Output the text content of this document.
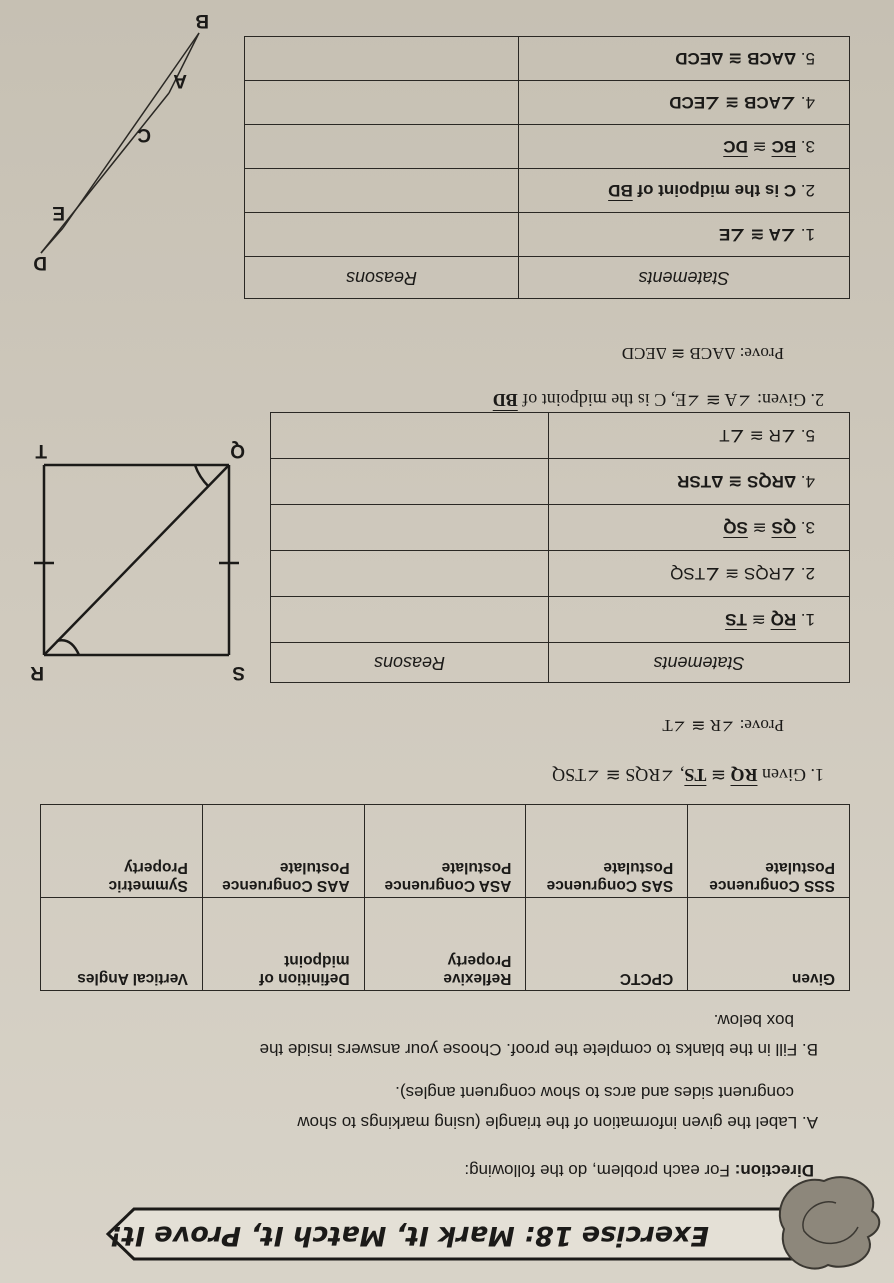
Exercise 18: Mark It, Match It, Prove It!
Direction: For each problem, do the following:
A. Label the given information of the triangle (using markings to show
congruent sides and arcs to show congruent angles).
B. Fill in the blanks to complete the proof. Choose your answers inside the
box below.
Given	CPCTC	Reflexive Property	Definition of midpoint	Vertical Angles
SSS Congruence Postulate	SAS Congruence Postulate	ASA Congruence Postulate	AAS Congruence Postulate	Symmetric Property
1. Given $\overline{RQ}$ ≅ $\overline{TS}$, ∠RQS ≅ ∠TSQ
Prove: ∠R ≅ ∠T
Statements	Reasons
1. $\overline{RQ}$ ≅ $\overline{TS}$	
2. ∠RQS ≅ ∠TSQ	
3. $\overline{QS}$ ≅ $\overline{SQ}$	
4. ΔRQS ≅ ΔTSR	
5. ∠R ≅ ∠T	
S
R
Q
T
2. Given: ∠A ≅ ∠E, C is the midpoint of $\overline{BD}$
Prove: ΔACB ≅ ΔECD
Statements	Reasons
1. ∠A ≅ ∠E	
2. C is the midpoint of $\overline{BD}$	
3. $\overline{BC}$ ≅ $\overline{DC}$	
4. ∠ACB ≅ ∠ECD	
5. ΔACB ≅ ΔECD	
B
A
C
D
E
